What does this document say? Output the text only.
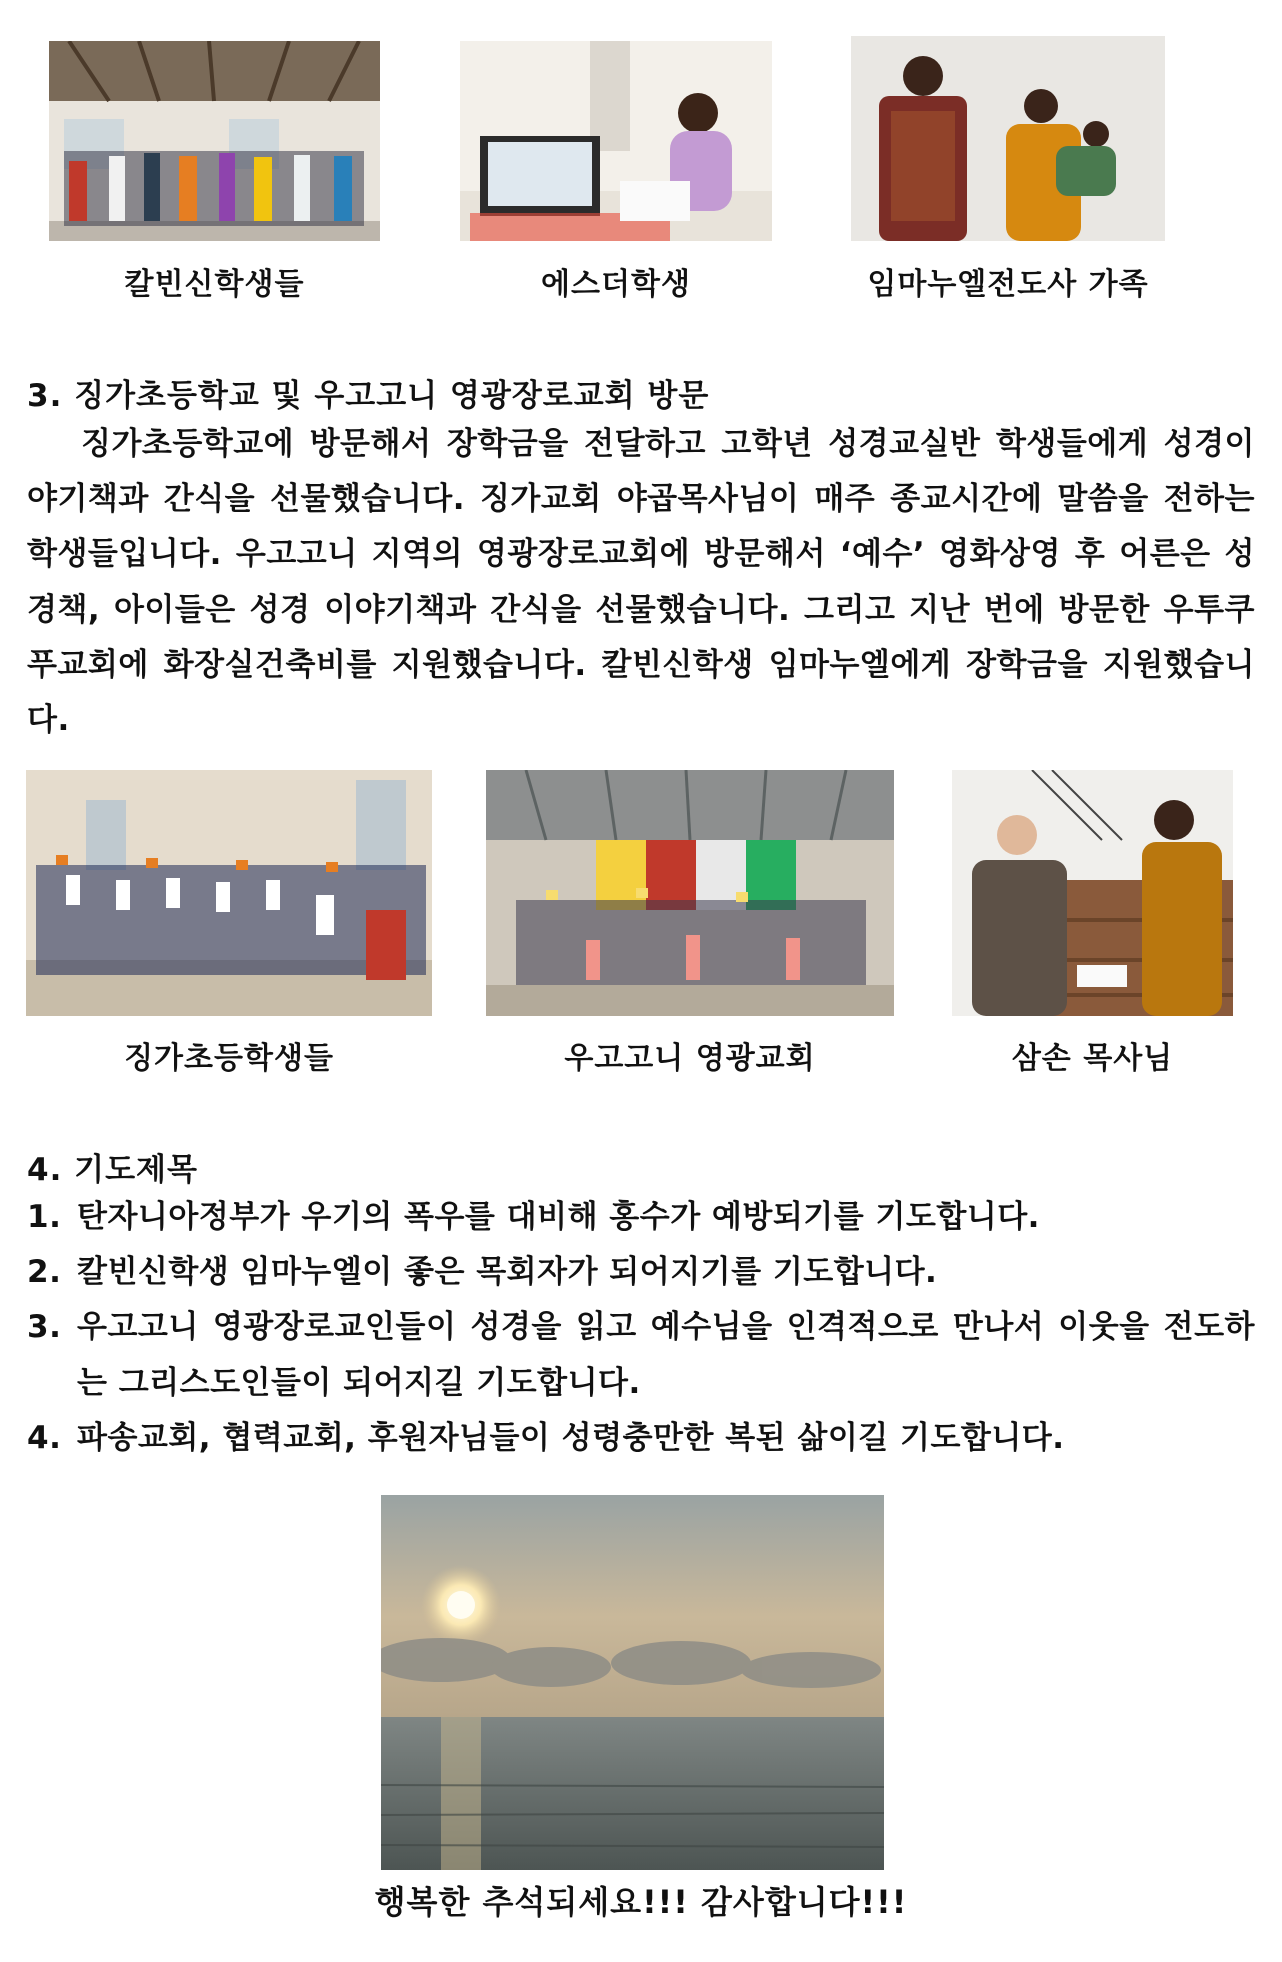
칼빈신학생들	에스더학생	임마누엘전도사 가족
3. 징가초등학교 및 우고고니 영광장로교회 방문

징가초등학교에 방문해서 장학금을 전달하고 고학년 성경교실반 학생들에게 성경이야기책과 간식을 선물했습니다. 징가교회 야곱목사님이 매주 종교시간에 말씀을 전하는 학생들입니다. 우고고니 지역의 영광장로교회에 방문해서 ‘예수’ 영화상영 후 어른은 성경책, 아이들은 성경 이야기책과 간식을 선물했습니다. 그리고 지난 번에 방문한 우투쿠푸교회에 화장실건축비를 지원했습니다. 칼빈신학생 임마누엘에게 장학금을 지원했습니다.

징가초등학생들	우고고니 영광교회	삼손 목사님
4. 기도제목
1. 탄자니아정부가 우기의 폭우를 대비해 홍수가 예방되기를 기도합니다.
2. 칼빈신학생 임마누엘이 좋은 목회자가 되어지기를 기도합니다.
3. 우고고니 영광장로교인들이 성경을 읽고 예수님을 인격적으로 만나서 이웃을 전도하는 그리스도인들이 되어지길 기도합니다.
4. 파송교회, 협력교회, 후원자님들이 성령충만한 복된 삶이길 기도합니다.
행복한 추석되세요!!! 감사합니다!!!
